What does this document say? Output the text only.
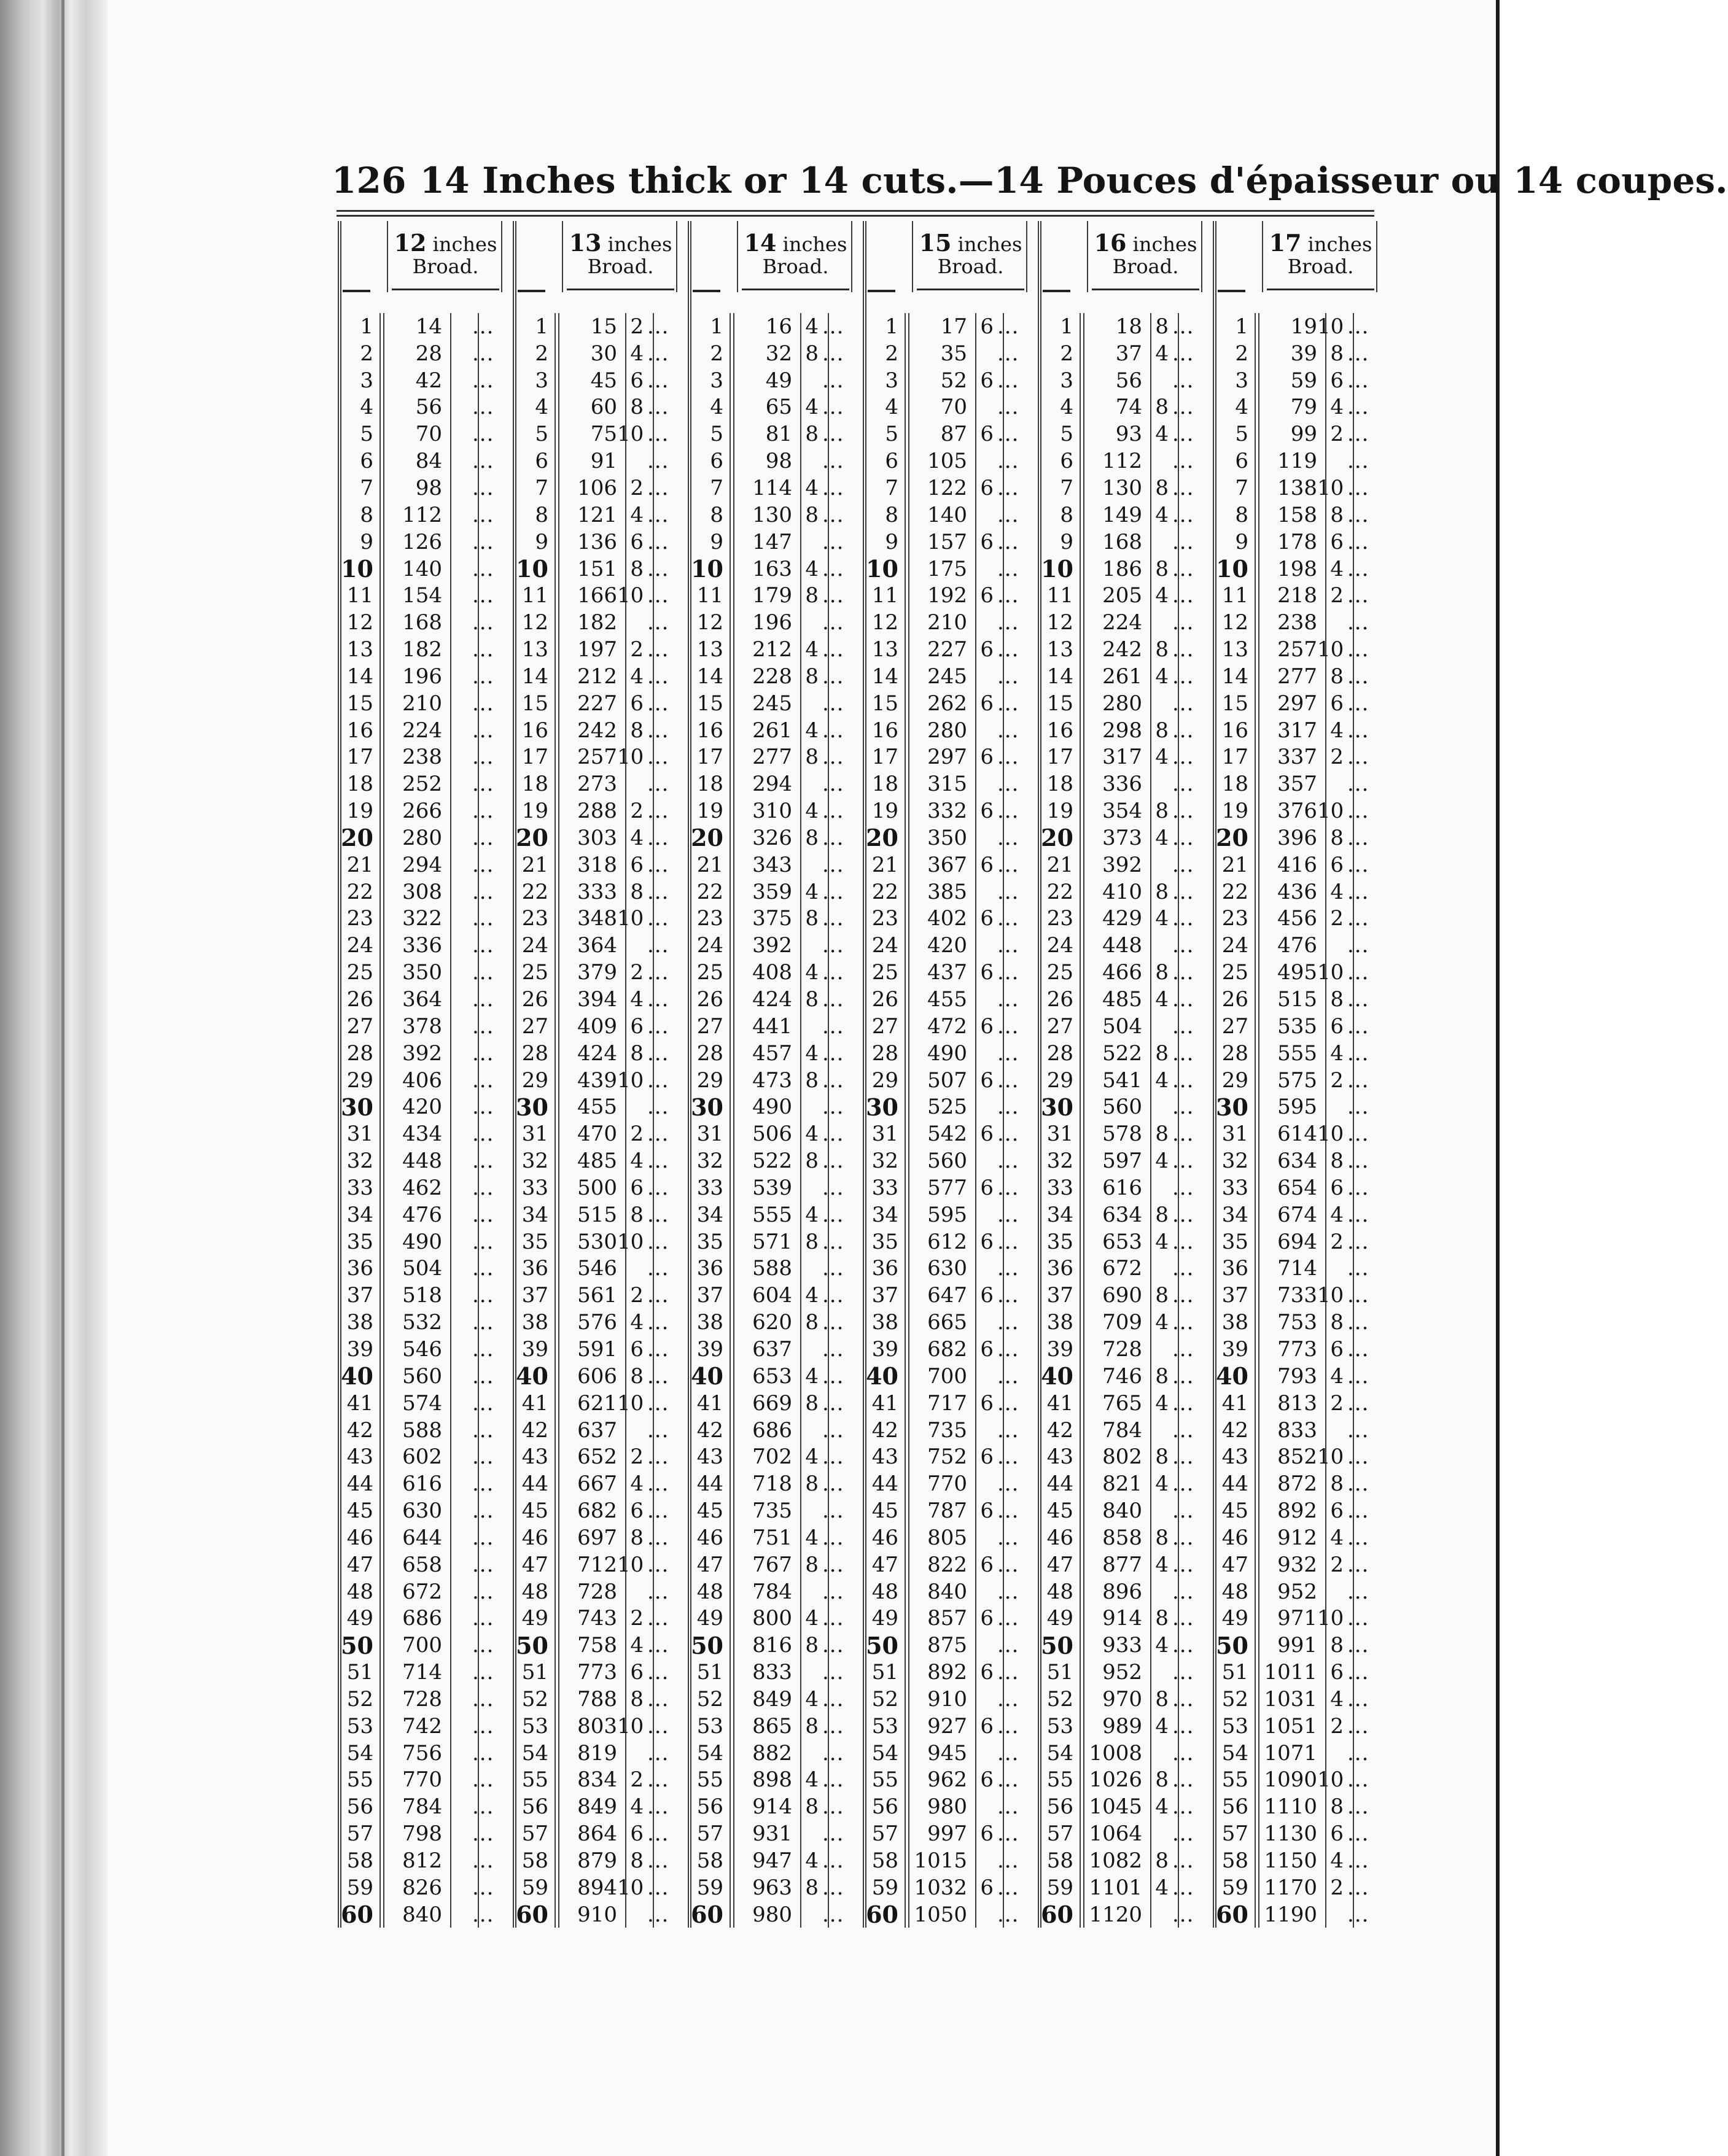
126 14 Inches thick or 14 cuts.—14 Pouces d'épaisseur ou 14 coupes.
12 inches
Broad.
1	14 ...
2	28 ...
3	42 ...
4	56 ...
5	70 ...
6	84 ...
7	98 ...
8	112 ...
9	126 ...
10	140 ...
11	154 ...
12	168 ...
13	182 ...
14	196 ...
15	210 ...
16	224 ...
17	238 ...
18	252 ...
19	266 ...
20	280 ...
21	294 ...
22	308 ...
23	322 ...
24	336 ...
25	350 ...
26	364 ...
27	378 ...
28	392 ...
29	406 ...
30	420 ...
31	434 ...
32	448 ...
33	462 ...
34	476 ...
35	490 ...
36	504 ...
37	518 ...
38	532 ...
39	546 ...
40	560 ...
41	574 ...
42	588 ...
43	602 ...
44	616 ...
45	630 ...
46	644 ...
47	658 ...
48	672 ...
49	686 ...
50	700 ...
51	714 ...
52	728 ...
53	742 ...
54	756 ...
55	770 ...
56	784 ...
57	798 ...
58	812 ...
59	826 ...
60	840 ...
13 inches
Broad.
1	15 2 ...
2	30 4 ...
3	45 6 ...
4	60 8 ...
5	75 10 ...
6	91 ...
7	106 2 ...
8	121 4 ...
9	136 6 ...
10	151 8 ...
11	166 10 ...
12	182 ...
13	197 2 ...
14	212 4 ...
15	227 6 ...
16	242 8 ...
17	257 10 ...
18	273 ...
19	288 2 ...
20	303 4 ...
21	318 6 ...
22	333 8 ...
23	348 10 ...
24	364 ...
25	379 2 ...
26	394 4 ...
27	409 6 ...
28	424 8 ...
29	439 10 ...
30	455 ...
31	470 2 ...
32	485 4 ...
33	500 6 ...
34	515 8 ...
35	530 10 ...
36	546 ...
37	561 2 ...
38	576 4 ...
39	591 6 ...
40	606 8 ...
41	621 10 ...
42	637 ...
43	652 2 ...
44	667 4 ...
45	682 6 ...
46	697 8 ...
47	712 10 ...
48	728 ...
49	743 2 ...
50	758 4 ...
51	773 6 ...
52	788 8 ...
53	803 10 ...
54	819 ...
55	834 2 ...
56	849 4 ...
57	864 6 ...
58	879 8 ...
59	894 10 ...
60	910 ...
14 inches
Broad.
1	16 4 ...
2	32 8 ...
3	49 ...
4	65 4 ...
5	81 8 ...
6	98 ...
7	114 4 ...
8	130 8 ...
9	147 ...
10	163 4 ...
11	179 8 ...
12	196 ...
13	212 4 ...
14	228 8 ...
15	245 ...
16	261 4 ...
17	277 8 ...
18	294 ...
19	310 4 ...
20	326 8 ...
21	343 ...
22	359 4 ...
23	375 8 ...
24	392 ...
25	408 4 ...
26	424 8 ...
27	441 ...
28	457 4 ...
29	473 8 ...
30	490 ...
31	506 4 ...
32	522 8 ...
33	539 ...
34	555 4 ...
35	571 8 ...
36	588 ...
37	604 4 ...
38	620 8 ...
39	637 ...
40	653 4 ...
41	669 8 ...
42	686 ...
43	702 4 ...
44	718 8 ...
45	735 ...
46	751 4 ...
47	767 8 ...
48	784 ...
49	800 4 ...
50	816 8 ...
51	833 ...
52	849 4 ...
53	865 8 ...
54	882 ...
55	898 4 ...
56	914 8 ...
57	931 ...
58	947 4 ...
59	963 8 ...
60	980 ...
15 inches
Broad.
1	17 6 ...
2	35 ...
3	52 6 ...
4	70 ...
5	87 6 ...
6	105 ...
7	122 6 ...
8	140 ...
9	157 6 ...
10	175 ...
11	192 6 ...
12	210 ...
13	227 6 ...
14	245 ...
15	262 6 ...
16	280 ...
17	297 6 ...
18	315 ...
19	332 6 ...
20	350 ...
21	367 6 ...
22	385 ...
23	402 6 ...
24	420 ...
25	437 6 ...
26	455 ...
27	472 6 ...
28	490 ...
29	507 6 ...
30	525 ...
31	542 6 ...
32	560 ...
33	577 6 ...
34	595 ...
35	612 6 ...
36	630 ...
37	647 6 ...
38	665 ...
39	682 6 ...
40	700 ...
41	717 6 ...
42	735 ...
43	752 6 ...
44	770 ...
45	787 6 ...
46	805 ...
47	822 6 ...
48	840 ...
49	857 6 ...
50	875 ...
51	892 6 ...
52	910 ...
53	927 6 ...
54	945 ...
55	962 6 ...
56	980 ...
57	997 6 ...
58 1015 ...
59 1032 6 ...
60 1050 ...
16 inches
Broad.
1	18 8 ...
2	37 4 ...
3	56 ...
4	74 8 ...
5	93 4 ...
6	112 ...
7	130 8 ...
8	149 4 ...
9	168 ...
10	186 8 ...
11	205 4 ...
12	224 ...
13	242 8 ...
14	261 4 ...
15	280 ...
16	298 8 ...
17	317 4 ...
18	336 ...
19	354 8 ...
20	373 4 ...
21	392 ...
22	410 8 ...
23	429 4 ...
24	448 ...
25	466 8 ...
26	485 4 ...
27	504 ...
28	522 8 ...
29	541 4 ...
30	560 ...
31	578 8 ...
32	597 4 ...
33	616 ...
34	634 8 ...
35	653 4 ...
36	672 ...
37	690 8 ...
38	709 4 ...
39	728 ...
40	746 8 ...
41	765 4 ...
42	784 ...
43	802 8 ...
44	821 4 ...
45	840 ...
46	858 8 ...
47	877 4 ...
48	896 ...
49	914 8 ...
50	933 4 ...
51	952 ...
52	970 8 ...
53	989 4 ...
54 1008 ...
55 1026 8 ...
56 1045 4 ...
57 1064 ...
58 1082 8 ...
59 1101 4 ...
60 1120 ...
17 inches
Broad.
1	19 10 ...
2	39 8 ...
3	59 6 ...
4	79 4 ...
5	99 2 ...
6	119 ...
7	138 10 ...
8	158 8 ...
9	178 6 ...
10	198 4 ...
11	218 2 ...
12	238 ...
13	257 10 ...
14	277 8 ...
15	297 6 ...
16	317 4 ...
17	337 2 ...
18	357 ...
19	376 10 ...
20	396 8 ...
21	416 6 ...
22	436 4 ...
23	456 2 ...
24	476 ...
25	495 10 ...
26	515 8 ...
27	535 6 ...
28	555 4 ...
29	575 2 ...
30	595 ...
31	614 10 ...
32	634 8 ...
33	654 6 ...
34	674 4 ...
35	694 2 ...
36	714 ...
37	733 10 ...
38	753 8 ...
39	773 6 ...
40	793 4 ...
41	813 2 ...
42	833 ...
43	852 10 ...
44	872 8 ...
45	892 6 ...
46	912 4 ...
47	932 2 ...
48	952 ...
49	971 10 ...
50	991 8 ...
51 1011 6 ...
52 1031 4 ...
53 1051 2 ...
54 1071 ...
55 1090 10 ...
56 1110 8 ...
57 1130 6 ...
58 1150 4 ...
59 1170 2 ...
60 1190 ...
